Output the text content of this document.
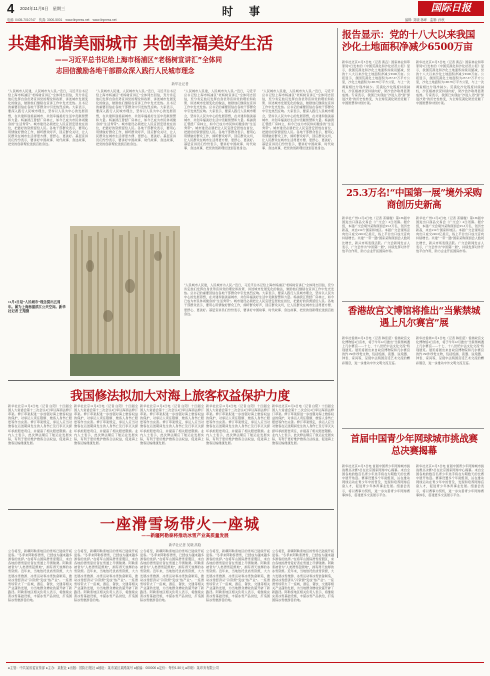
4 2024年11月6日　星期三	时 事	国际日报
电邮: 0405-7010747　传真: 3000-5001　www.linpress.net　www.linpress.net	编辑: 刘晓 林峰　监制: 孙秋
共建和谐美丽城市 共创幸福美好生活
——习近平总书记给上海市杨浦区“老杨树宣讲汇”全体同
志回信激励各地干部群众深入践行人民城市理念
新华社记者
“人民城市人民建，人民城市为人民。”近日，习近平总书记给上海市杨浦区“老杨树宣讲汇”全体同志回信，充分肯定他们发挥自身优势宣讲党的理论和政策、讲述城市发展变化的做法，勉励他们继续在宣讲工作中发光发热。总书记的重要回信在各地干部群众中引发热烈反响。大家表示，要深入践行人民城市理念，坚持以人民为中心的发展思想，在共建和谐美丽城市、共创幸福美好生活中贡献智慧和力量。杨浦滨江曾经厂房林立，如今已成为市民休闲健身的“生活秀带”。城市建设必须把让人民宜居安居放在首位，把最好的资源留给人民。各地干部群众表示，要用心用情做好群众工作，倾听群众呼声，回应群众关切，让人民群众在城市生活得更方便、更舒心、更美好。基层宣讲员们纷纷表示，要讲好中国故事、时代故事、身边故事，把党的创新理论送到百姓身边。
“人民城市人民建，人民城市为人民。”近日，习近平总书记给上海市杨浦区“老杨树宣讲汇”全体同志回信，充分肯定他们发挥自身优势宣讲党的理论和政策、讲述城市发展变化的做法，勉励他们继续在宣讲工作中发光发热。总书记的重要回信在各地干部群众中引发热烈反响。大家表示，要深入践行人民城市理念，坚持以人民为中心的发展思想，在共建和谐美丽城市、共创幸福美好生活中贡献智慧和力量。杨浦滨江曾经厂房林立，如今已成为市民休闲健身的“生活秀带”。城市建设必须把让人民宜居安居放在首位，把最好的资源留给人民。各地干部群众表示，要用心用情做好群众工作，倾听群众呼声，回应群众关切，让人民群众在城市生活得更方便、更舒心、更美好。基层宣讲员们纷纷表示，要讲好中国故事、时代故事、身边故事，把党的创新理论送到百姓身边。
“人民城市人民建，人民城市为人民。”近日，习近平总书记给上海市杨浦区“老杨树宣讲汇”全体同志回信，充分肯定他们发挥自身优势宣讲党的理论和政策、讲述城市发展变化的做法，勉励他们继续在宣讲工作中发光发热。总书记的重要回信在各地干部群众中引发热烈反响。大家表示，要深入践行人民城市理念，坚持以人民为中心的发展思想，在共建和谐美丽城市、共创幸福美好生活中贡献智慧和力量。杨浦滨江曾经厂房林立，如今已成为市民休闲健身的“生活秀带”。城市建设必须把让人民宜居安居放在首位，把最好的资源留给人民。各地干部群众表示，要用心用情做好群众工作，倾听群众呼声，回应群众关切，让人民群众在城市生活得更方便、更舒心、更美好。基层宣讲员们纷纷表示，要讲好中国故事、时代故事、身边故事，把党的创新理论送到百姓身边。
“人民城市人民建，人民城市为人民。”近日，习近平总书记给上海市杨浦区“老杨树宣讲汇”全体同志回信，充分肯定他们发挥自身优势宣讲党的理论和政策、讲述城市发展变化的做法，勉励他们继续在宣讲工作中发光发热。总书记的重要回信在各地干部群众中引发热烈反响。大家表示，要深入践行人民城市理念，坚持以人民为中心的发展思想，在共建和谐美丽城市、共创幸福美好生活中贡献智慧和力量。杨浦滨江曾经厂房林立，如今已成为市民休闲健身的“生活秀带”。城市建设必须把让人民宜居安居放在首位，把最好的资源留给人民。各地干部群众表示，要用心用情做好群众工作，倾听群众呼声，回应群众关切，让人民群众在城市生活得更方便、更舒心、更美好。基层宣讲员们纷纷表示，要讲好中国故事、时代故事、身边故事，把党的创新理论送到百姓身边。
11月2日是“人民城市”理念提出五周年。图为上海杨浦滨江公共空间。新华社记者 王翔摄
“人民城市人民建，人民城市为人民。”近日，习近平总书记给上海市杨浦区“老杨树宣讲汇”全体同志回信，充分肯定他们发挥自身优势宣讲党的理论和政策、讲述城市发展变化的做法，勉励他们继续在宣讲工作中发光发热。总书记的重要回信在各地干部群众中引发热烈反响。大家表示，要深入践行人民城市理念，坚持以人民为中心的发展思想，在共建和谐美丽城市、共创幸福美好生活中贡献智慧和力量。杨浦滨江曾经厂房林立，如今已成为市民休闲健身的“生活秀带”。城市建设必须把让人民宜居安居放在首位，把最好的资源留给人民。各地干部群众表示，要用心用情做好群众工作，倾听群众呼声，回应群众关切，让人民群众在城市生活得更方便、更舒心、更美好。基层宣讲员们纷纷表示，要讲好中国故事、时代故事、身边故事，把党的创新理论送到百姓身边。
报告显示：党的十八大以来我国沙化土地面积净减少6500万亩
新华社北京11月5日电（记者 黄垚）国家林业和草原局5日发布的《中国荒漠化和沙化状况公报》显示，我国荒漠化和沙化土地面积持续双缩减，党的十八大以来沙化土地面积净减少6500万亩。公报显示，我国荒漠化土地面积为257.37万平方公里，沙化土地面积为168.78万平方公里，与上一次调查相比分别净减少。荒漠化沙化程度持续减轻，沙区植被状况持续向好，防沙治沙取得显著成效。专家表示，我国已实现由“沙进人退”到“绿进沙退”的历史性转变，为全球荒漠化防治贡献了中国智慧和中国方案。
新华社北京11月5日电（记者 黄垚）国家林业和草原局5日发布的《中国荒漠化和沙化状况公报》显示，我国荒漠化和沙化土地面积持续双缩减，党的十八大以来沙化土地面积净减少6500万亩。公报显示，我国荒漠化土地面积为257.37万平方公里，沙化土地面积为168.78万平方公里，与上一次调查相比分别净减少。荒漠化沙化程度持续减轻，沙区植被状况持续向好，防沙治沙取得显著成效。专家表示，我国已实现由“沙进人退”到“绿进沙退”的历史性转变，为全球荒漠化防治贡献了中国智慧和中国方案。
25.3万名!“中国第一展”境外采购商创历史新高
新华社广州11月4日电（记者 邓瑞璇）第136届中国进出口商品交易会（广交会）4日闭幕。据介绍，本届广交会境外采购商到会25.3万名，创历史新高，来自214个国家和地区。本届广交会现场意向出口成交249.5亿美元，线上平台出口成交意向持续增长。共建“一带一路”国家采购商到会人数同比增长，新兴市场表现活跃。广交会新闻发言人表示，广交会作为“中国第一展”，持续发挥对外开放平台作用，助力企业开拓国际市场。
新华社广州11月4日电（记者 邓瑞璇）第136届中国进出口商品交易会（广交会）4日闭幕。据介绍，本届广交会境外采购商到会25.3万名，创历史新高，来自214个国家和地区。本届广交会现场意向出口成交249.5亿美元，线上平台出口成交意向持续增长。共建“一带一路”国家采购商到会人数同比增长，新兴市场表现活跃。广交会新闻发言人表示，广交会作为“中国第一展”，持续发挥对外开放平台作用，助力企业开拓国际市场。
香港故宫文博馆将推出“当紫禁城遇上凡尔赛宫”展
新华社香港11月4日电（记者 韩佳诺）香港故宫文化博物馆4日宣布，将于今年12月推出“当紫禁城遇上凡尔赛宫——十七、十八世纪中法文化交流”特别展览。展览将展出来自故宫博物院和凡尔赛宫的约150件珍贵文物，包括绘画、瓷器、珐琅器、钟表、家具等，呈现中法两国宫廷艺术交流的精彩篇章，进一步推动中外文明交流互鉴。
新华社香港11月4日电（记者 韩佳诺）香港故宫文化博物馆4日宣布，将于今年12月推出“当紫禁城遇上凡尔赛宫——十七、十八世纪中法文化交流”特别展览。展览将展出来自故宫博物院和凡尔赛宫的约150件珍贵文物，包括绘画、瓷器、珐琅器、钟表、家具等，呈现中法两国宫廷艺术交流的精彩篇章，进一步推动中外文明交流互鉴。
首届中国青少年网球城市挑战赛总决赛揭幕
新华社北京11月5日电 首届中国青少年网球城市挑战赛总决赛5日在北京国家网球中心揭幕。来自全国各地的数百名青少年选手将在为期数天的比赛中展开角逐。赛事设置多个年龄组别，旨在推动网球运动在青少年中的普及，发现和培养网球后备人才，促进青少年体育事业发展。组委会表示，将以赛事为契机，进一步完善青少年网球赛事体系，搭建更多交流展示平台。
新华社北京11月5日电 首届中国青少年网球城市挑战赛总决赛5日在北京国家网球中心揭幕。来自全国各地的数百名青少年选手将在为期数天的比赛中展开角逐。赛事设置多个年龄组别，旨在推动网球运动在青少年中的普及，发现和培养网球后备人才，促进青少年体育事业发展。组委会表示，将以赛事为契机，进一步完善青少年网球赛事体系，搭建更多交流展示平台。
我国修法拟加大对海上旅客权益保护力度
新华社北京11月4日电（记者 白阳）十四届全国人大常委会第十二次会议4日审议海商法修订草案。修订草案拟进一步加强对海上旅客权益的保护，对承运人责任限额、旅客人身伤亡赔偿等作出完善。修订草案规定，承运人应当对旅客在运送期间发生的人身伤亡及行李灭失损坏承担赔偿责任，并提高了相关赔偿限额。业内人士表示，此次修法顺应了航运业发展实际，有利于更好维护旅客合法权益，促进海上旅客运输健康发展。
新华社北京11月4日电（记者 白阳）十四届全国人大常委会第十二次会议4日审议海商法修订草案。修订草案拟进一步加强对海上旅客权益的保护，对承运人责任限额、旅客人身伤亡赔偿等作出完善。修订草案规定，承运人应当对旅客在运送期间发生的人身伤亡及行李灭失损坏承担赔偿责任，并提高了相关赔偿限额。业内人士表示，此次修法顺应了航运业发展实际，有利于更好维护旅客合法权益，促进海上旅客运输健康发展。
新华社北京11月4日电（记者 白阳）十四届全国人大常委会第十二次会议4日审议海商法修订草案。修订草案拟进一步加强对海上旅客权益的保护，对承运人责任限额、旅客人身伤亡赔偿等作出完善。修订草案规定，承运人应当对旅客在运送期间发生的人身伤亡及行李灭失损坏承担赔偿责任，并提高了相关赔偿限额。业内人士表示，此次修法顺应了航运业发展实际，有利于更好维护旅客合法权益，促进海上旅客运输健康发展。
新华社北京11月4日电（记者 白阳）十四届全国人大常委会第十二次会议4日审议海商法修订草案。修订草案拟进一步加强对海上旅客权益的保护，对承运人责任限额、旅客人身伤亡赔偿等作出完善。修订草案规定，承运人应当对旅客在运送期间发生的人身伤亡及行李灭失损坏承担赔偿责任，并提高了相关赔偿限额。业内人士表示，此次修法顺应了航运业发展实际，有利于更好维护旅客合法权益，促进海上旅客运输健康发展。
新华社北京11月4日电（记者 白阳）十四届全国人大常委会第十二次会议4日审议海商法修订草案。修订草案拟进一步加强对海上旅客权益的保护，对承运人责任限额、旅客人身伤亡赔偿等作出完善。修订草案规定，承运人应当对旅客在运送期间发生的人身伤亡及行李灭失损坏承担赔偿责任，并提高了相关赔偿限额。业内人士表示，此次修法顺应了航运业发展实际，有利于更好维护旅客合法权益，促进海上旅客运输健康发展。
一座滑雪场带火一座城
——新疆阿勒泰将推动冰雪产业高质量发展
新华社记者 吴晓 高晗
立冬将至，新疆阿勒泰地区的雪场已陆续开板迎客。“冬季来阿勒泰滑雪，已经成为越来越多游客的选择。”在将军山国际滑雪度假区，来自各地的滑雪爱好者在雪道上尽情驰骋。阿勒泰被誉为“人类滑雪起源地”，拥有得天独厚的冰雪资源。近年来，当地依托优质雪资源，大力发展冰雪旅游、冰雪运动和冰雪装备制造，推动冰雪经济从“冷资源”变成“热产业”。一座滑雪场带火了一座城，酒店、餐饮、交通等相关产业蓬勃发展，为当地群众增收致富开辟了新路径。阿勒泰地区相关负责人表示，将继续完善冰雪基础设施，丰富冰雪产品供给，打造国际冰雪旅游目的地。
立冬将至，新疆阿勒泰地区的雪场已陆续开板迎客。“冬季来阿勒泰滑雪，已经成为越来越多游客的选择。”在将军山国际滑雪度假区，来自各地的滑雪爱好者在雪道上尽情驰骋。阿勒泰被誉为“人类滑雪起源地”，拥有得天独厚的冰雪资源。近年来，当地依托优质雪资源，大力发展冰雪旅游、冰雪运动和冰雪装备制造，推动冰雪经济从“冷资源”变成“热产业”。一座滑雪场带火了一座城，酒店、餐饮、交通等相关产业蓬勃发展，为当地群众增收致富开辟了新路径。阿勒泰地区相关负责人表示，将继续完善冰雪基础设施，丰富冰雪产品供给，打造国际冰雪旅游目的地。
立冬将至，新疆阿勒泰地区的雪场已陆续开板迎客。“冬季来阿勒泰滑雪，已经成为越来越多游客的选择。”在将军山国际滑雪度假区，来自各地的滑雪爱好者在雪道上尽情驰骋。阿勒泰被誉为“人类滑雪起源地”，拥有得天独厚的冰雪资源。近年来，当地依托优质雪资源，大力发展冰雪旅游、冰雪运动和冰雪装备制造，推动冰雪经济从“冷资源”变成“热产业”。一座滑雪场带火了一座城，酒店、餐饮、交通等相关产业蓬勃发展，为当地群众增收致富开辟了新路径。阿勒泰地区相关负责人表示，将继续完善冰雪基础设施，丰富冰雪产品供给，打造国际冰雪旅游目的地。
立冬将至，新疆阿勒泰地区的雪场已陆续开板迎客。“冬季来阿勒泰滑雪，已经成为越来越多游客的选择。”在将军山国际滑雪度假区，来自各地的滑雪爱好者在雪道上尽情驰骋。阿勒泰被誉为“人类滑雪起源地”，拥有得天独厚的冰雪资源。近年来，当地依托优质雪资源，大力发展冰雪旅游、冰雪运动和冰雪装备制造，推动冰雪经济从“冷资源”变成“热产业”。一座滑雪场带火了一座城，酒店、餐饮、交通等相关产业蓬勃发展，为当地群众增收致富开辟了新路径。阿勒泰地区相关负责人表示，将继续完善冰雪基础设施，丰富冰雪产品供给，打造国际冰雪旅游目的地。
立冬将至，新疆阿勒泰地区的雪场已陆续开板迎客。“冬季来阿勒泰滑雪，已经成为越来越多游客的选择。”在将军山国际滑雪度假区，来自各地的滑雪爱好者在雪道上尽情驰骋。阿勒泰被誉为“人类滑雪起源地”，拥有得天独厚的冰雪资源。近年来，当地依托优质雪资源，大力发展冰雪旅游、冰雪运动和冰雪装备制造，推动冰雪经济从“冷资源”变成“热产业”。一座滑雪场带火了一座城，酒店、餐饮、交通等相关产业蓬勃发展，为当地群众增收致富开辟了新路径。阿勒泰地区相关负责人表示，将继续完善冰雪基础设施，丰富冰雪产品供给，打造国际冰雪旅游目的地。
●主管：中共某省委宣传部 ●主办：某报社 ●出版：国际日报社 ●地址：某市某区某路某号 ●邮编：000000 ●定价：每份1.50元 ●印刷：某印务有限公司
